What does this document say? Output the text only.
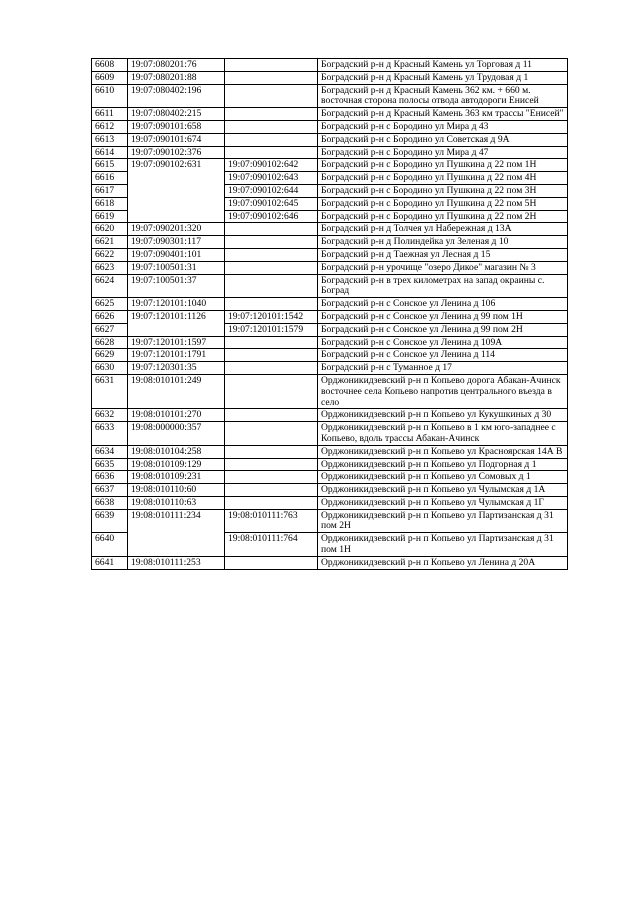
6608	19:07:080201:76		Боградский р-н д Красный Камень ул Торговая д 11
6609	19:07:080201:88		Боградский р-н д Красный Камень ул Трудовая д 1
6610	19:07:080402:196		Боградский р-н д Красный Камень 362 км. + 660 м. восточная сторона полосы отвода автодороги Енисей
6611	19:07:080402:215		Боградский р-н д Красный Камень 363 км трассы "Енисей"
6612	19:07:090101:658		Боградский р-н с Бородино ул Мира д 43
6613	19:07:090101:674		Боградский р-н с Бородино ул Советская д 9А
6614	19:07:090102:376		Боградский р-н с Бородино ул Мира д 47
6615	19:07:090102:631	19:07:090102:642	Боградский р-н с Бородино ул Пушкина д 22 пом 1Н
6616		19:07:090102:643	Боградский р-н с Бородино ул Пушкина д 22 пом 4Н
6617		19:07:090102:644	Боградский р-н с Бородино ул Пушкина д 22 пом 3Н
6618		19:07:090102:645	Боградский р-н с Бородино ул Пушкина д 22 пом 5Н
6619		19:07:090102:646	Боградский р-н с Бородино ул Пушкина д 22 пом 2Н
6620	19:07:090201:320		Боградский р-н д Толчея ул Набережная д 13А
6621	19:07:090301:117		Боградский р-н д Полиндейка ул Зеленая д 10
6622	19:07:090401:101		Боградский р-н д Таежная ул Лесная д 15
6623	19:07:100501:31		Боградский р-н урочище "озеро Дикое" магазин № 3
6624	19:07:100501:37		Боградский р-н в трех километрах на запад окраины с. Боград
6625	19:07:120101:1040		Боградский р-н с Сонское ул Ленина д 106
6626	19:07:120101:1126	19:07:120101:1542	Боградский р-н с Сонское ул Ленина д 99 пом 1Н
6627		19:07:120101:1579	Боградский р-н с Сонское ул Ленина д 99 пом 2Н
6628	19:07:120101:1597		Боградский р-н с Сонское ул Ленина д 109А
6629	19:07:120101:1791		Боградский р-н с Сонское ул Ленина д 114
6630	19:07:120301:35		Боградский р-н с Туманное д 17
6631	19:08:010101:249		Орджоникидзевский р-н п Копьево дорога Абакан-Ачинск восточнее села Копьево напротив центрального въезда в село
6632	19:08:010101:270		Орджоникидзевский р-н п Копьево ул Кукушкиных д 30
6633	19:08:000000:357		Орджоникидзевский р-н п Копьево в 1 км юго-западнее с Копьево, вдоль трассы Абакан-Ачинск
6634	19:08:010104:258		Орджоникидзевский р-н п Копьево ул Красноярская 14А В
6635	19:08:010109:129		Орджоникидзевский р-н п Копьево ул Подгорная д 1
6636	19:08:010109:231		Орджоникидзевский р-н п Копьево ул Сомовых д 1
6637	19:08:010110:60		Орджоникидзевский р-н п Копьево ул Чулымская д 1А
6638	19:08:010110:63		Орджоникидзевский р-н п Копьево ул Чулымская д 1Г
6639	19:08:010111:234	19:08:010111:763	Орджоникидзевский р-н п Копьево ул Партизанская д 31 пом 2Н
6640		19:08:010111:764	Орджоникидзевский р-н п Копьево ул Партизанская д 31 пом 1Н
6641	19:08:010111:253		Орджоникидзевский р-н п Копьево ул Ленина д 20А
